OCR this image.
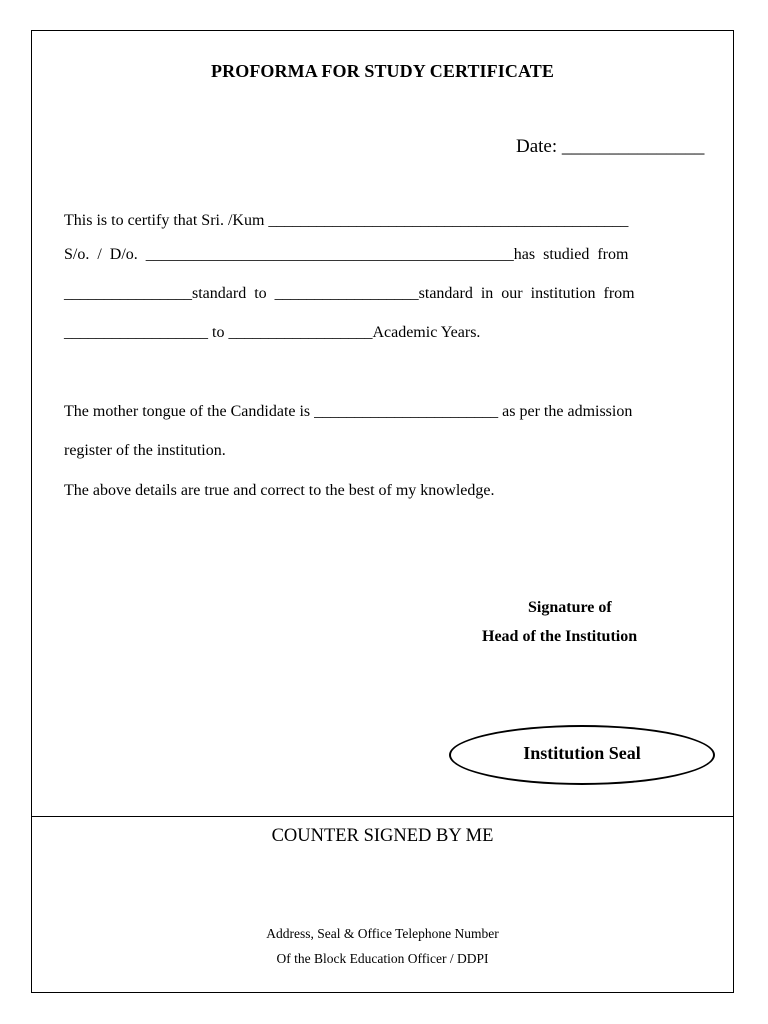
PROFORMA FOR STUDY CERTIFICATE
Date: _______________
This is to certify that Sri. /Kum _____________________________________________
S/o.  /  D/o.  ______________________________________________has  studied  from
________________standard  to  __________________standard  in  our  institution  from
__________________ to __________________Academic Years.
The mother tongue of the Candidate is _______________________ as per the admission
register of the institution.
The above details are true and correct to the best of my knowledge.
Signature of
Head of the Institution
Institution Seal
COUNTER SIGNED BY ME
Address, Seal & Office Telephone Number
Of the Block Education Officer / DDPI
